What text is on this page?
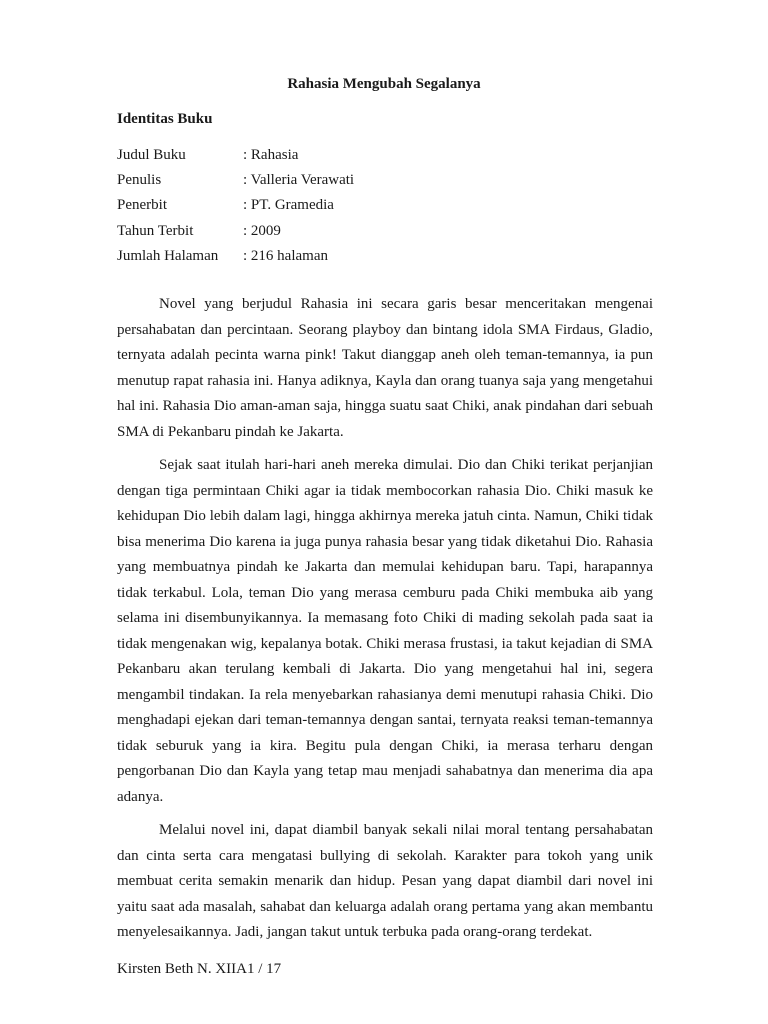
Rahasia Mengubah Segalanya
Identitas Buku
Judul Buku	: Rahasia
Penulis	: Valleria Verawati
Penerbit	: PT. Gramedia
Tahun Terbit	: 2009
Jumlah Halaman	: 216 halaman

Novel yang berjudul Rahasia ini secara garis besar menceritakan mengenai persahabatan dan percintaan. Seorang playboy dan bintang idola SMA Firdaus, Gladio, ternyata adalah pecinta warna pink! Takut dianggap aneh oleh teman-temannya, ia pun menutup rapat rahasia ini. Hanya adiknya, Kayla dan orang tuanya saja yang mengetahui hal ini. Rahasia Dio aman-aman saja, hingga suatu saat Chiki, anak pindahan dari sebuah SMA di Pekanbaru pindah ke Jakarta.

Sejak saat itulah hari-hari aneh mereka dimulai. Dio dan Chiki terikat perjanjian dengan tiga permintaan Chiki agar ia tidak membocorkan rahasia Dio. Chiki masuk ke kehidupan Dio lebih dalam lagi, hingga akhirnya mereka jatuh cinta. Namun, Chiki tidak bisa menerima Dio karena ia juga punya rahasia besar yang tidak diketahui Dio. Rahasia yang membuatnya pindah ke Jakarta dan memulai kehidupan baru. Tapi, harapannya tidak terkabul. Lola, teman Dio yang merasa cemburu pada Chiki membuka aib yang selama ini disembunyikannya. Ia memasang foto Chiki di mading sekolah pada saat ia tidak mengenakan wig, kepalanya botak. Chiki merasa frustasi, ia takut kejadian di SMA Pekanbaru akan terulang kembali di Jakarta. Dio yang mengetahui hal ini, segera mengambil tindakan. Ia rela menyebarkan rahasianya demi menutupi rahasia Chiki. Dio menghadapi ejekan dari teman-temannya dengan santai, ternyata reaksi teman-temannya tidak seburuk yang ia kira. Begitu pula dengan Chiki, ia merasa terharu dengan pengorbanan Dio dan Kayla yang tetap mau menjadi sahabatnya dan menerima dia apa adanya.

Melalui novel ini, dapat diambil banyak sekali nilai moral tentang persahabatan dan cinta serta cara mengatasi bullying di sekolah. Karakter para tokoh yang unik membuat cerita semakin menarik dan hidup. Pesan yang dapat diambil dari novel ini yaitu saat ada masalah, sahabat dan keluarga adalah orang pertama yang akan membantu menyelesaikannya. Jadi, jangan takut untuk terbuka pada orang-orang terdekat.

Kirsten Beth N. XIIA1 / 17
